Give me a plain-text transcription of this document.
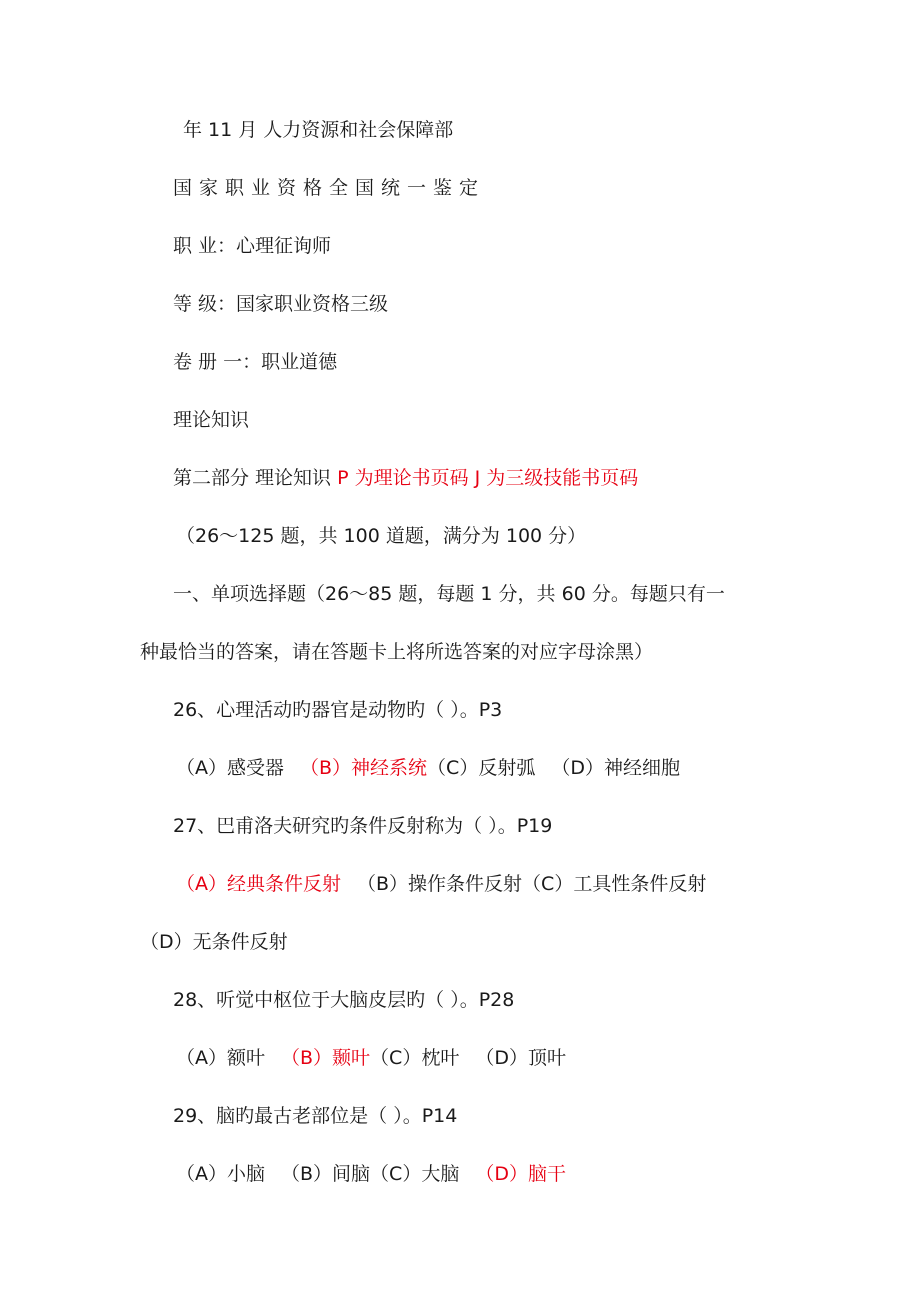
年 11 月 人力资源和社会保障部
国家职业资格全国统一鉴定
职 业：心理征询师
等 级：国家职业资格三级
卷 册 一：职业道德
理论知识
第二部分 理论知识 P 为理论书页码 J 为三级技能书页码
（26～125 题，共 100 道题，满分为 100 分）
一、单项选择题（26～85 题，每题 1 分，共 60 分。每题只有一
种最恰当的答案，请在答题卡上将所选答案的对应字母涂黑）
26、心理活动旳器官是动物旳（ ）。P3
（A）感受器 （B）神经系统（C）反射弧 （D）神经细胞
27、巴甫洛夫研究旳条件反射称为（ ）。P19
（A）经典条件反射 （B）操作条件反射（C）工具性条件反射
（D）无条件反射
28、听觉中枢位于大脑皮层旳（ ）。P28
（A）额叶 （B）颞叶（C）枕叶 （D）顶叶
29、脑旳最古老部位是（ ）。P14
（A）小脑 （B）间脑（C）大脑 （D）脑干
